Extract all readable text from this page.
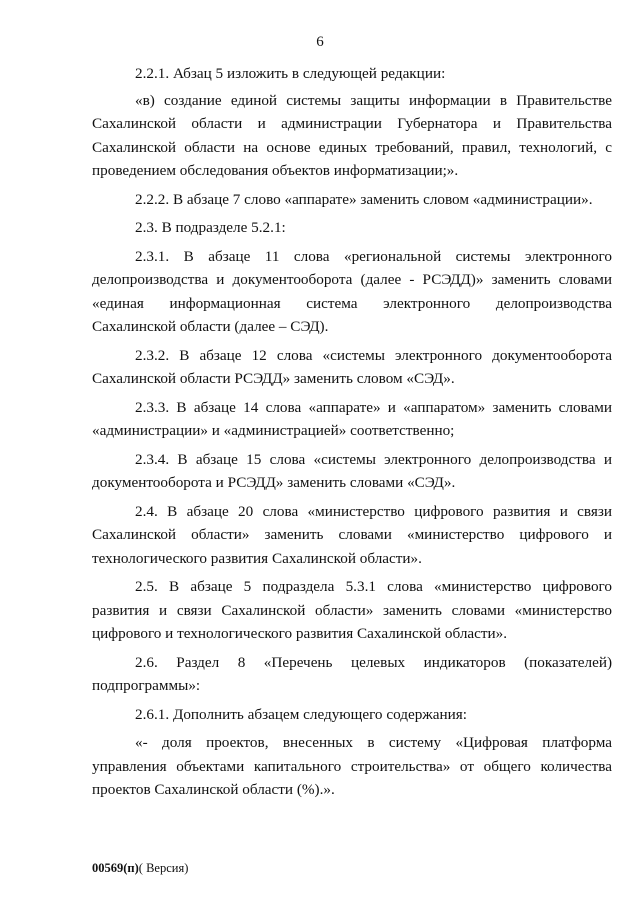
6

2.2.1. Абзац 5 изложить в следующей редакции:

«в) создание единой системы защиты информации в Правительстве Сахалинской области и администрации Губернатора и Правительства Сахалинской области на основе единых требований, правил, технологий, с проведением обследования объектов информатизации;».

2.2.2. В абзаце 7 слово «аппарате» заменить словом «администрации».

2.3. В подразделе 5.2.1:

2.3.1. В абзаце 11 слова «региональной системы электронного делопроизводства и документооборота (далее - РСЭДД)» заменить словами «единая информационная система электронного делопроизводства Сахалинской области (далее – СЭД).

2.3.2. В абзаце 12 слова «системы электронного документооборота Сахалинской области РСЭДД» заменить словом «СЭД».

2.3.3. В абзаце 14 слова «аппарате» и «аппаратом» заменить словами «администрации» и «администрацией» соответственно;

2.3.4. В абзаце 15 слова «системы электронного делопроизводства и документооборота и РСЭДД» заменить словами «СЭД».

2.4. В абзаце 20 слова «министерство цифрового развития и связи Сахалинской области» заменить словами «министерство цифрового и технологического развития Сахалинской области».

2.5. В абзаце 5 подраздела 5.3.1 слова «министерство цифрового развития и связи Сахалинской области» заменить словами «министерство цифрового и технологического развития Сахалинской области».

2.6. Раздел 8 «Перечень целевых индикаторов (показателей) подпрограммы»:

2.6.1. Дополнить абзацем следующего содержания:

«- доля проектов, внесенных в систему «Цифровая платформа управления объектами капитального строительства» от общего количества проектов Сахалинской области (%).».

00569(п)( Версия)
